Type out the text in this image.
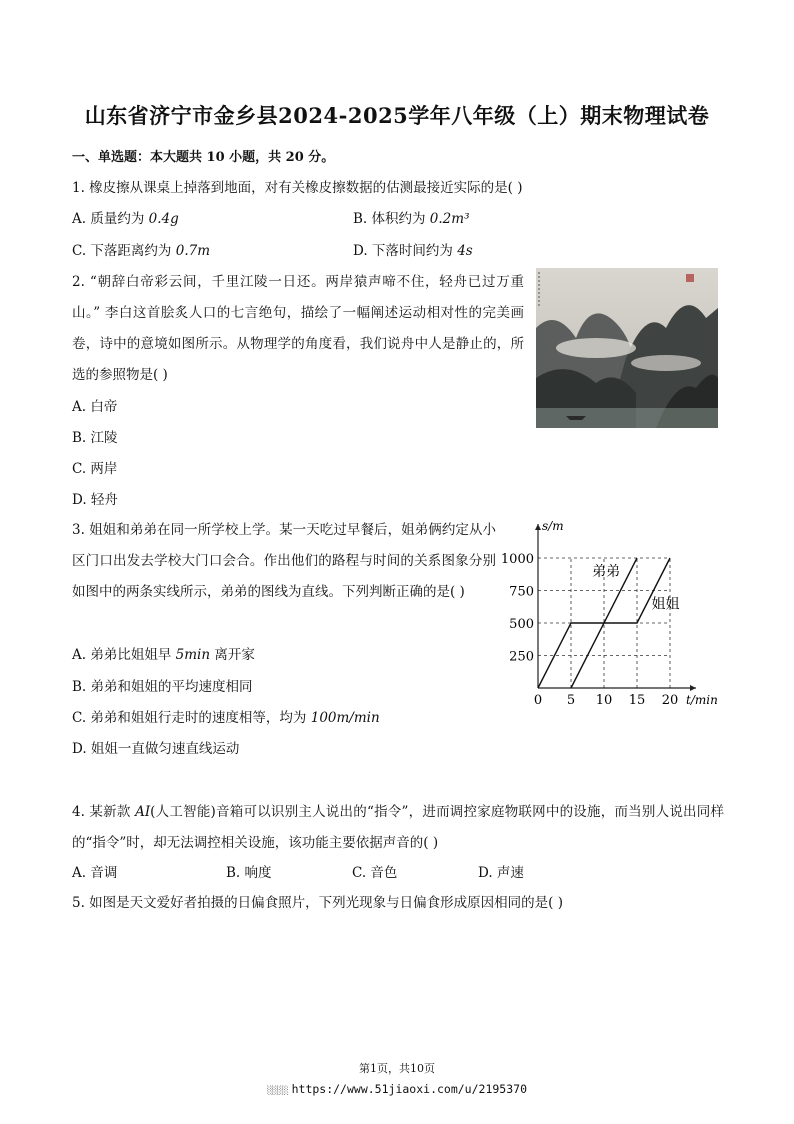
山东省济宁市金乡县2024-2025学年八年级（上）期末物理试卷
一、单选题：本大题共 10 小题，共 20 分。
1. 橡皮擦从课桌上掉落到地面，对有关橡皮擦数据的估测最接近实际的是( )
A. 质量约为 0.4g	B. 体积约为 0.2m³
C. 下落距离约为 0.7m	D. 下落时间约为 4s
2. “朝辞白帝彩云间，千里江陵一日还。两岸猿声啼不住，轻舟已过万重山。” 李白这首脍炙人口的七言绝句，描绘了一幅阐述运动相对性的完美画卷，诗中的意境如图所示。从物理学的角度看，我们说舟中人是静止的，所选的参照物是( )
A. 白帝
B. 江陵
C. 两岸
D. 轻舟
3. 姐姐和弟弟在同一所学校上学。某一天吃过早餐后，姐弟俩约定从小区门口出发去学校大门口会合。作出他们的路程与时间的关系图象分别如图中的两条实线所示，弟弟的图线为直线。下列判断正确的是( )
A. 弟弟比姐姐早 5min 离开家
B. 弟弟和姐姐的平均速度相同
C. 弟弟和姐姐行走时的速度相等，均为 100m/min
D. 姐姐一直做匀速直线运动
0 5 10 15 20
250
500
750
1000
t/min
s/m
弟弟
姐姐
4. 某新款 AI(人工智能)音箱可以识别主人说出的“指令”，进而调控家庭物联网中的设施，而当别人说出同样的“指令”时，却无法调控相关设施，该功能主要依据声音的( )
A. 音调	B. 响度	C. 音色	D. 声速
5. 如图是天文爱好者拍摄的日偏食照片，下列光现象与日偏食形成原因相同的是( )
第1页，共10页
░░░░ https://www.51jiaoxi.com/u/2195370
